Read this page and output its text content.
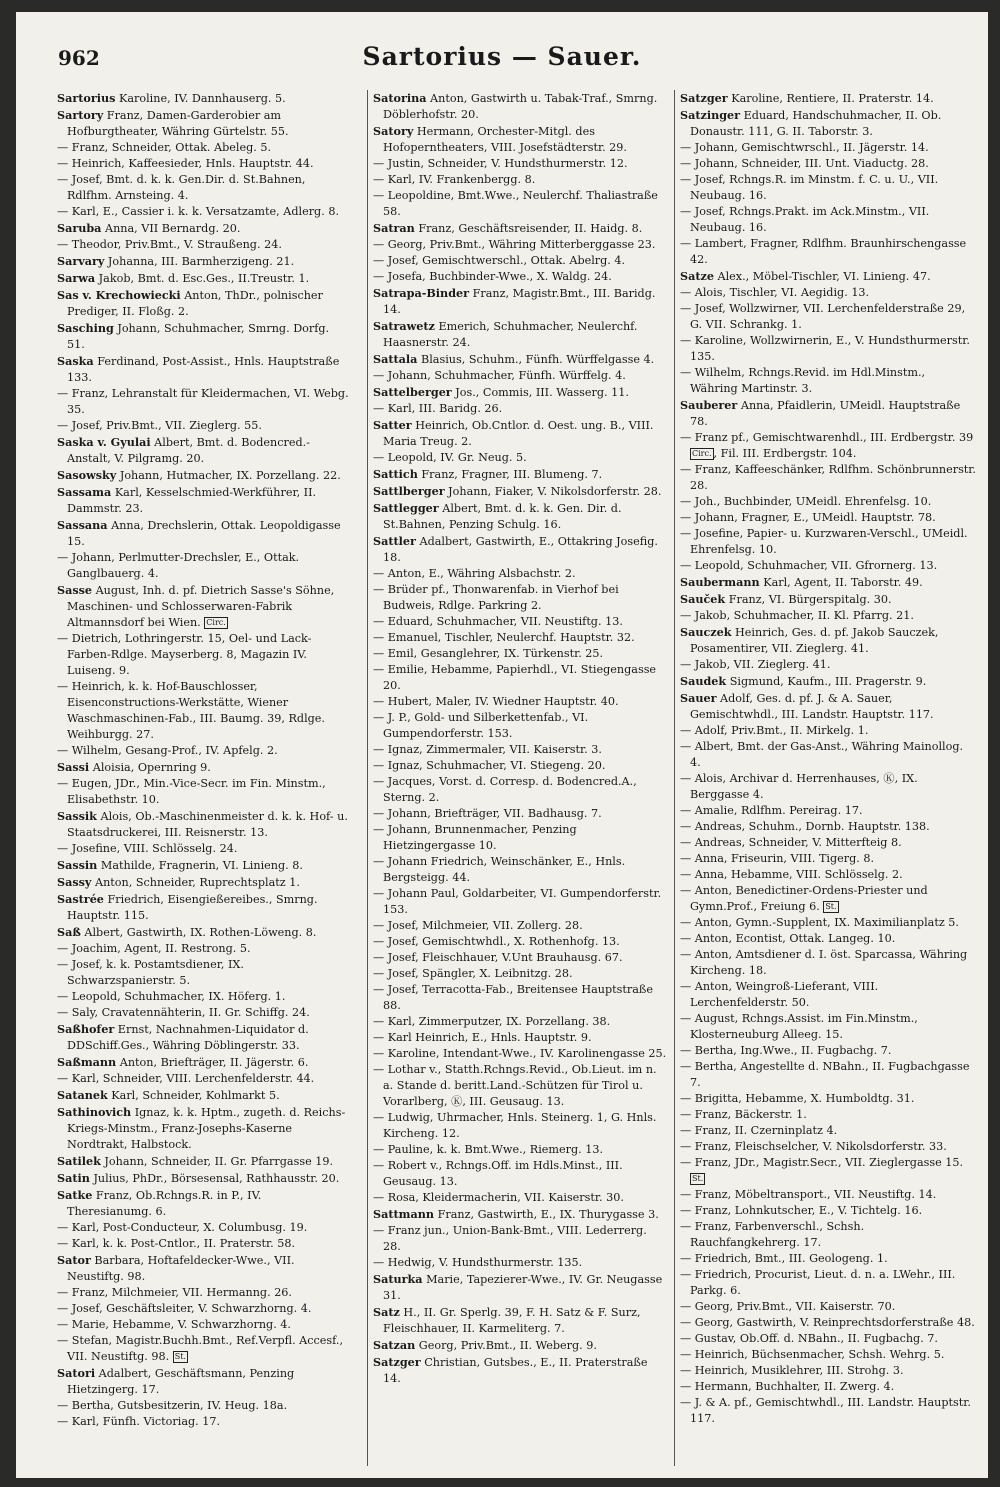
962	Sartorius — Sauer.

Sartorius Karoline, IV. Dannhauserg. 5.

Sartory Franz, Damen-Garderobier am Hofburgtheater, Währing Gürtelstr. 55.

— Franz, Schneider, Ottak. Abeleg. 5.

— Heinrich, Kaffeesieder, Hnls. Hauptstr. 44.

— Josef, Bmt. d. k. k. Gen.Dir. d. St.Bahnen, Rdlfhm. Arnsteing. 4.

— Karl, E., Cassier i. k. k. Versatzamte, Adlerg. 8.

Saruba Anna, VII Bernardg. 20.

— Theodor, Priv.Bmt., V. Straußeng. 24.

Sarvary Johanna, III. Barmherzigeng. 21.

Sarwa Jakob, Bmt. d. Esc.Ges., II.Treustr. 1.

Sas v. Krechowiecki Anton, ThDr., polnischer Prediger, II. Floßg. 2.

Sasching Johann, Schuhmacher, Smrng. Dorfg. 51.

Saska Ferdinand, Post-Assist., Hnls. Hauptstraße 133.

— Franz, Lehranstalt für Kleidermachen, VI. Webg. 35.

— Josef, Priv.Bmt., VII. Zieglerg. 55.

Saska v. Gyulai Albert, Bmt. d. Bodencred.-Anstalt, V. Pilgramg. 20.

Sasowsky Johann, Hutmacher, IX. Porzellang. 22.

Sassama Karl, Kesselschmied-Werkführer, II. Dammstr. 23.

Sassana Anna, Drechslerin, Ottak. Leopoldigasse 15.

— Johann, Perlmutter-Drechsler, E., Ottak. Ganglbauerg. 4.

Sasse August, Inh. d. pf. Dietrich Sasse's Söhne, Maschinen- und Schlosserwaren-Fabrik Altmannsdorf bei Wien. Circ.

— Dietrich, Lothringerstr. 15, Oel- und Lack-Farben-Rdlge. Mayserberg. 8, Magazin IV. Luiseng. 9.

— Heinrich, k. k. Hof-Bauschlosser, Eisenconstructions-Werkstätte, Wiener Waschmaschinen-Fab., III. Baumg. 39, Rdlge. Weihburgg. 27.

— Wilhelm, Gesang-Prof., IV. Apfelg. 2.

Sassi Aloisia, Opernring 9.

— Eugen, JDr., Min.-Vice-Secr. im Fin. Minstm., Elisabethstr. 10.

Sassik Alois, Ob.-Maschinenmeister d. k. k. Hof- u. Staatsdruckerei, III. Reisnerstr. 13.

— Josefine, VIII. Schlösselg. 24.

Sassin Mathilde, Fragnerin, VI. Linieng. 8.

Sassy Anton, Schneider, Ruprechtsplatz 1.

Sastrée Friedrich, Eisengießereibes., Smrng. Hauptstr. 115.

Saß Albert, Gastwirth, IX. Rothen-Löweng. 8.

— Joachim, Agent, II. Restrong. 5.

— Josef, k. k. Postamtsdiener, IX. Schwarzspanierstr. 5.

— Leopold, Schuhmacher, IX. Höferg. 1.

— Saly, Cravatennähterin, II. Gr. Schiffg. 24.

Saßhofer Ernst, Nachnahmen-Liquidator d. DDSchiff.Ges., Währing Döblingerstr. 33.

Saßmann Anton, Briefträger, II. Jägerstr. 6.

— Karl, Schneider, VIII. Lerchenfelderstr. 44.

Satanek Karl, Schneider, Kohlmarkt 5.

Sathinovich Ignaz, k. k. Hptm., zugeth. d. Reichs-Kriegs-Minstm., Franz-Josephs-Kaserne Nordtrakt, Halbstock.

Satilek Johann, Schneider, II. Gr. Pfarrgasse 19.

Satin Julius, PhDr., Börsesensal, Rathhausstr. 20.

Satke Franz, Ob.Rchngs.R. in P., IV. Theresianumg. 6.

— Karl, Post-Conducteur, X. Columbusg. 19.

— Karl, k. k. Post-Cntlor., II. Praterstr. 58.

Sator Barbara, Hoftafeldecker-Wwe., VII. Neustiftg. 98.

— Franz, Milchmeier, VII. Hermanng. 26.

— Josef, Geschäftsleiter, V. Schwarzhorng. 4.

— Marie, Hebamme, V. Schwarzhorng. 4.

— Stefan, Magistr.Buchh.Bmt., Ref.Verpfl. Accesf., VII. Neustiftg. 98. St.

Satori Adalbert, Geschäftsmann, Penzing Hietzingerg. 17.

— Bertha, Gutsbesitzerin, IV. Heug. 18a.

— Karl, Fünfh. Victoriag. 17.

Satorina Anton, Gastwirth u. Tabak-Traf., Smrng. Döblerhofstr. 20.

Satory Hermann, Orchester-Mitgl. des Hofoperntheaters, VIII. Josefstädterstr. 29.

— Justin, Schneider, V. Hundsthurmerstr. 12.

— Karl, IV. Frankenbergg. 8.

— Leopoldine, Bmt.Wwe., Neulerchf. Thaliastraße 58.

Satran Franz, Geschäftsreisender, II. Haidg. 8.

— Georg, Priv.Bmt., Währing Mitterberggasse 23.

— Josef, Gemischtwerschl., Ottak. Abelrg. 4.

— Josefa, Buchbinder-Wwe., X. Waldg. 24.

Satrapa-Binder Franz, Magistr.Bmt., III. Baridg. 14.

Satrawetz Emerich, Schuhmacher, Neulerchf. Haasnerstr. 24.

Sattala Blasius, Schuhm., Fünfh. Würffelgasse 4.

— Johann, Schuhmacher, Fünfh. Würffelg. 4.

Sattelberger Jos., Commis, III. Wasserg. 11.

— Karl, III. Baridg. 26.

Satter Heinrich, Ob.Cntlor. d. Oest. ung. B., VIII. Maria Treug. 2.

— Leopold, IV. Gr. Neug. 5.

Sattich Franz, Fragner, III. Blumeng. 7.

Sattlberger Johann, Fiaker, V. Nikolsdorferstr. 28.

Sattlegger Albert, Bmt. d. k. k. Gen. Dir. d. St.Bahnen, Penzing Schulg. 16.

Sattler Adalbert, Gastwirth, E., Ottakring Josefig. 18.

— Anton, E., Währing Alsbachstr. 2.

— Brüder pf., Thonwarenfab. in Vierhof bei Budweis, Rdlge. Parkring 2.

— Eduard, Schuhmacher, VII. Neustiftg. 13.

— Emanuel, Tischler, Neulerchf. Hauptstr. 32.

— Emil, Gesanglehrer, IX. Türkenstr. 25.

— Emilie, Hebamme, Papierhdl., VI. Stiegengasse 20.

— Hubert, Maler, IV. Wiedner Hauptstr. 40.

— J. P., Gold- und Silberkettenfab., VI. Gumpendorferstr. 153.

— Ignaz, Zimmermaler, VII. Kaiserstr. 3.

— Ignaz, Schuhmacher, VI. Stiegeng. 20.

— Jacques, Vorst. d. Corresp. d. Bodencred.A., Sterng. 2.

— Johann, Briefträger, VII. Badhausg. 7.

— Johann, Brunnenmacher, Penzing Hietzingergasse 10.

— Johann Friedrich, Weinschänker, E., Hnls. Bergsteigg. 44.

— Johann Paul, Goldarbeiter, VI. Gumpendorferstr. 153.

— Josef, Milchmeier, VII. Zollerg. 28.

— Josef, Gemischtwhdl., X. Rothenhofg. 13.

— Josef, Fleischhauer, V.Unt Brauhausg. 67.

— Josef, Spängler, X. Leibnitzg. 28.

— Josef, Terracotta-Fab., Breitensee Hauptstraße 88.

— Karl, Zimmerputzer, IX. Porzellang. 38.

— Karl Heinrich, E., Hnls. Hauptstr. 9.

— Karoline, Intendant-Wwe., IV. Karolinengasse 25.

— Lothar v., Statth.Rchngs.Revid., Ob.Lieut. im n. a. Stande d. beritt.Land.-Schützen für Tirol u. Vorarlberg, Ⓚ, III. Geusaug. 13.

— Ludwig, Uhrmacher, Hnls. Steinerg. 1, G. Hnls. Kircheng. 12.

— Pauline, k. k. Bmt.Wwe., Riemerg. 13.

— Robert v., Rchngs.Off. im Hdls.Minst., III. Geusaug. 13.

— Rosa, Kleidermacherin, VII. Kaiserstr. 30.

Sattmann Franz, Gastwirth, E., IX. Thurygasse 3.

— Franz jun., Union-Bank-Bmt., VIII. Lederrerg. 28.

— Hedwig, V. Hundsthurmerstr. 135.

Saturka Marie, Tapezierer-Wwe., IV. Gr. Neugasse 31.

Satz H., II. Gr. Sperlg. 39, F. H. Satz & F. Surz, Fleischhauer, II. Karmeliterg. 7.

Satzan Georg, Priv.Bmt., II. Weberg. 9.

Satzger Christian, Gutsbes., E., II. Praterstraße 14.

Satzger Karoline, Rentiere, II. Praterstr. 14.

Satzinger Eduard, Handschuhmacher, II. Ob. Donaustr. 111, G. II. Taborstr. 3.

— Johann, Gemischtwrschl., II. Jägerstr. 14.

— Johann, Schneider, III. Unt. Viaductg. 28.

— Josef, Rchngs.R. im Minstm. f. C. u. U., VII. Neubaug. 16.

— Josef, Rchngs.Prakt. im Ack.Minstm., VII. Neubaug. 16.

— Lambert, Fragner, Rdlfhm. Braunhirschengasse 42.

Satze Alex., Möbel-Tischler, VI. Linieng. 47.

— Alois, Tischler, VI. Aegidig. 13.

— Josef, Wollzwirner, VII. Lerchenfelderstraße 29, G. VII. Schrankg. 1.

— Karoline, Wollzwirnerin, E., V. Hundsthurmerstr. 135.

— Wilhelm, Rchngs.Revid. im Hdl.Minstm., Währing Martinstr. 3.

Sauberer Anna, Pfaidlerin, UMeidl. Hauptstraße 78.

— Franz pf., Gemischtwarenhdl., III. Erdbergstr. 39 Circ. , Fil. III. Erdbergstr. 104.

— Franz, Kaffeeschänker, Rdlfhm. Schönbrunnerstr. 28.

— Joh., Buchbinder, UMeidl. Ehrenfelsg. 10.

— Johann, Fragner, E., UMeidl. Hauptstr. 78.

— Josefine, Papier- u. Kurzwaren-Verschl., UMeidl. Ehrenfelsg. 10.

— Leopold, Schuhmacher, VII. Gfrornerg. 13.

Saubermann Karl, Agent, II. Taborstr. 49.

Sauček Franz, VI. Bürgerspitalg. 30.

— Jakob, Schuhmacher, II. Kl. Pfarrg. 21.

Sauczek Heinrich, Ges. d. pf. Jakob Sauczek, Posamentirer, VII. Zieglerg. 41.

— Jakob, VII. Zieglerg. 41.

Saudek Sigmund, Kaufm., III. Pragerstr. 9.

Sauer Adolf, Ges. d. pf. J. & A. Sauer, Gemischtwhdl., III. Landstr. Hauptstr. 117.

— Adolf, Priv.Bmt., II. Mirkelg. 1.

— Albert, Bmt. der Gas-Anst., Währing Mainollog. 4.

— Alois, Archivar d. Herrenhauses, Ⓚ, IX. Berggasse 4.

— Amalie, Rdlfhm. Pereirag. 17.

— Andreas, Schuhm., Dornb. Hauptstr. 138.

— Andreas, Schneider, V. Mitterfteig 8.

— Anna, Friseurin, VIII. Tigerg. 8.

— Anna, Hebamme, VIII. Schlösselg. 2.

— Anton, Benedictiner-Ordens-Priester und Gymn.Prof., Freiung 6. St.

— Anton, Gymn.-Supplent, IX. Maximilianplatz 5.

— Anton, Econtist, Ottak. Langeg. 10.

— Anton, Amtsdiener d. I. öst. Sparcassa, Währing Kircheng. 18.

— Anton, Weingroß-Lieferant, VIII. Lerchenfelderstr. 50.

— August, Rchngs.Assist. im Fin.Minstm., Klosterneuburg Alleeg. 15.

— Bertha, Ing.Wwe., II. Fugbachg. 7.

— Bertha, Angestellte d. NBahn., II. Fugbachgasse 7.

— Brigitta, Hebamme, X. Humboldtg. 31.

— Franz, Bäckerstr. 1.

— Franz, II. Czerninplatz 4.

— Franz, Fleischselcher, V. Nikolsdorferstr. 33.

— Franz, JDr., Magistr.Secr., VII. Zieglergasse 15. St.

— Franz, Möbeltransport., VII. Neustiftg. 14.

— Franz, Lohnkutscher, E., V. Tichtelg. 16.

— Franz, Farbenverschl., Schsh. Rauchfangkehrerg. 17.

— Friedrich, Bmt., III. Geologeng. 1.

— Friedrich, Procurist, Lieut. d. n. a. LWehr., III. Parkg. 6.

— Georg, Priv.Bmt., VII. Kaiserstr. 70.

— Georg, Gastwirth, V. Reinprechtsdorferstraße 48.

— Gustav, Ob.Off. d. NBahn., II. Fugbachg. 7.

— Heinrich, Büchsenmacher, Schsh. Wehrg. 5.

— Heinrich, Musiklehrer, III. Strohg. 3.

— Hermann, Buchhalter, II. Zwerg. 4.

— J. & A. pf., Gemischtwhdl., III. Landstr. Hauptstr. 117.
